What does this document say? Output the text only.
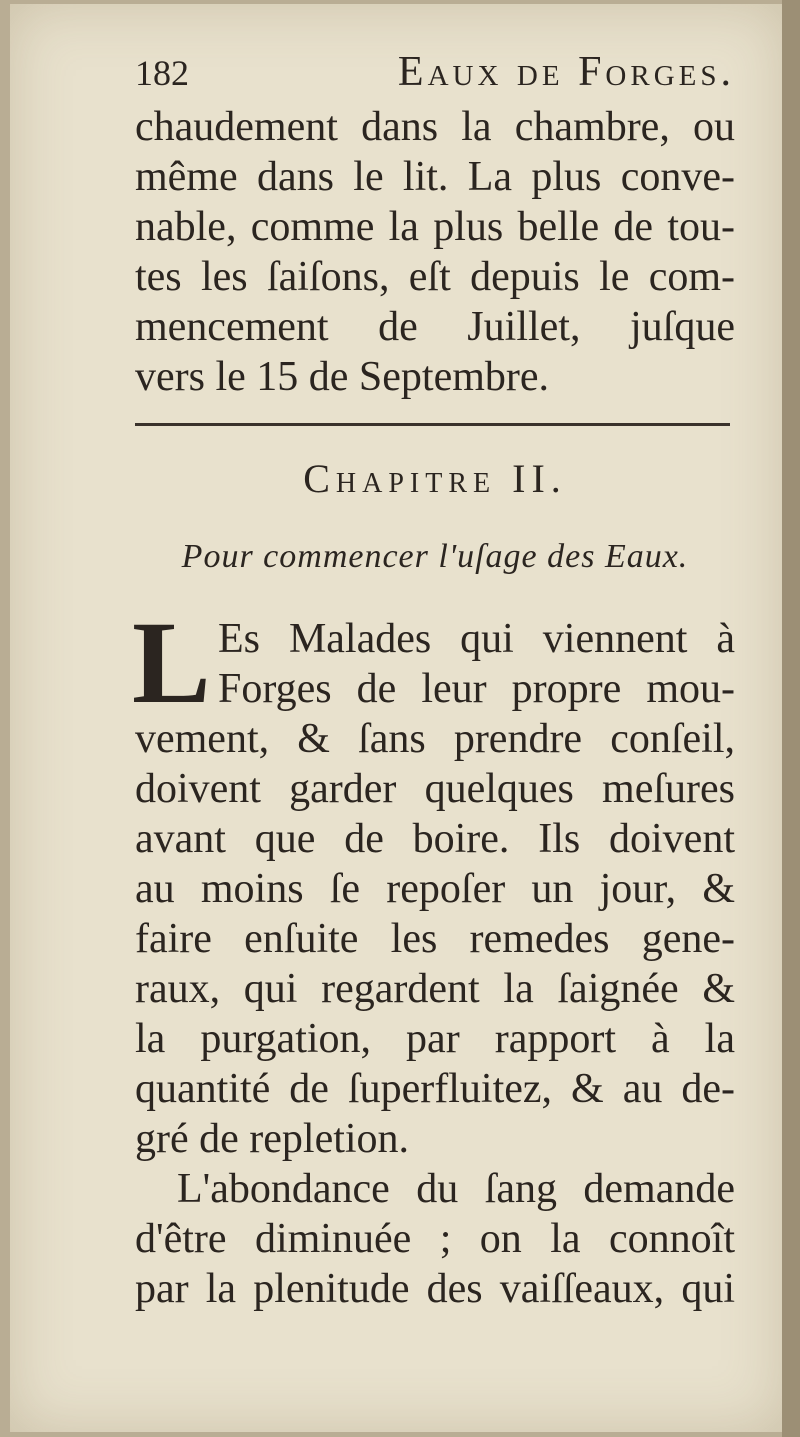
182	Eaux de Forges.
chaudement dans la chambre, ou
même dans le lit. La plus conve-
nable, comme la plus belle de tou-
tes les ſaiſons, eſt depuis le com-
mencement de Juillet, juſque
vers le 15 de Septembre.
Chapitre II.
Pour commencer l'uſage des Eaux.
L Es Malades qui viennent à
Forges de leur propre mou-
vement, & ſans prendre conſeil,
doivent garder quelques meſures
avant que de boire. Ils doivent
au moins ſe repoſer un jour, &
faire enſuite les remedes gene-
raux, qui regardent la ſaignée &
la purgation, par rapport à la
quantité de ſuperfluitez, & au de-
gré de repletion.
L'abondance du ſang demande
d'être diminuée ; on la connoît
par la plenitude des vaiſſeaux, qui
